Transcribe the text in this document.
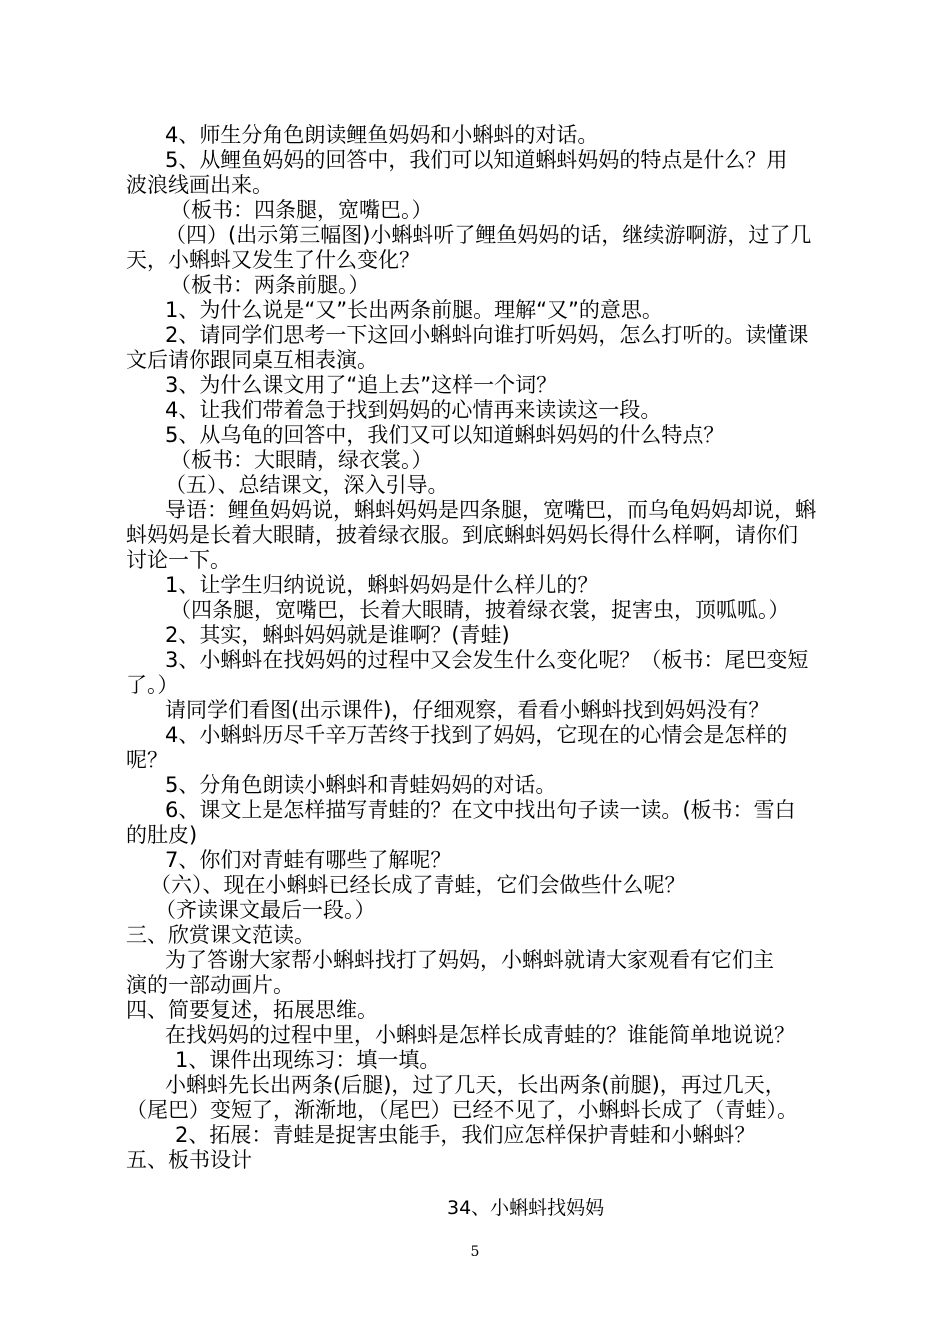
4、师生分角色朗读鲤鱼妈妈和小蝌蚪的对话。
5、从鲤鱼妈妈的回答中，我们可以知道蝌蚪妈妈的特点是什么？用
波浪线画出来。
（板书：四条腿，宽嘴巴。）
（四）(出示第三幅图)小蝌蚪听了鲤鱼妈妈的话，继续游啊游，过了几
天，小蝌蚪又发生了什么变化？
（板书：两条前腿。）
1、为什么说是“又”长出两条前腿。理解“又”的意思。
2、请同学们思考一下这回小蝌蚪向谁打听妈妈，怎么打听的。读懂课
文后请你跟同桌互相表演。
3、为什么课文用了“追上去”这样一个词？
4、让我们带着急于找到妈妈的心情再来读读这一段。
5、从乌龟的回答中，我们又可以知道蝌蚪妈妈的什么特点？
（板书：大眼睛，绿衣裳。）
（五）、总结课文，深入引导。
导语：鲤鱼妈妈说，蝌蚪妈妈是四条腿，宽嘴巴，而乌龟妈妈却说，蝌
蚪妈妈是长着大眼睛，披着绿衣服。到底蝌蚪妈妈长得什么样啊，请你们
讨论一下。
1、让学生归纳说说，蝌蚪妈妈是什么样儿的？
（四条腿，宽嘴巴，长着大眼睛，披着绿衣裳，捉害虫，顶呱呱。）
2、其实，蝌蚪妈妈就是谁啊？(青蛙)
3、小蝌蚪在找妈妈的过程中又会发生什么变化呢？（板书：尾巴变短
了。）
请同学们看图(出示课件)，仔细观察，看看小蝌蚪找到妈妈没有？
4、小蝌蚪历尽千辛万苦终于找到了妈妈，它现在的心情会是怎样的
呢？
5、分角色朗读小蝌蚪和青蛙妈妈的对话。
6、课文上是怎样描写青蛙的？在文中找出句子读一读。(板书：雪白
的肚皮)
7、你们对青蛙有哪些了解呢？
（六）、现在小蝌蚪已经长成了青蛙，它们会做些什么呢？
（齐读课文最后一段。）
三、欣赏课文范读。
为了答谢大家帮小蝌蚪找打了妈妈，小蝌蚪就请大家观看有它们主
演的一部动画片。
四、简要复述，拓展思维。
在找妈妈的过程中里，小蝌蚪是怎样长成青蛙的？谁能简单地说说？
1、课件出现练习：填一填。
小蝌蚪先长出两条(后腿)，过了几天，长出两条(前腿)，再过几天，
（尾巴）变短了，渐渐地，（尾巴）已经不见了，小蝌蚪长成了（青蛙）。
2、拓展：青蛙是捉害虫能手，我们应怎样保护青蛙和小蝌蚪？
五、板书设计
34、小蝌蚪找妈妈
5
